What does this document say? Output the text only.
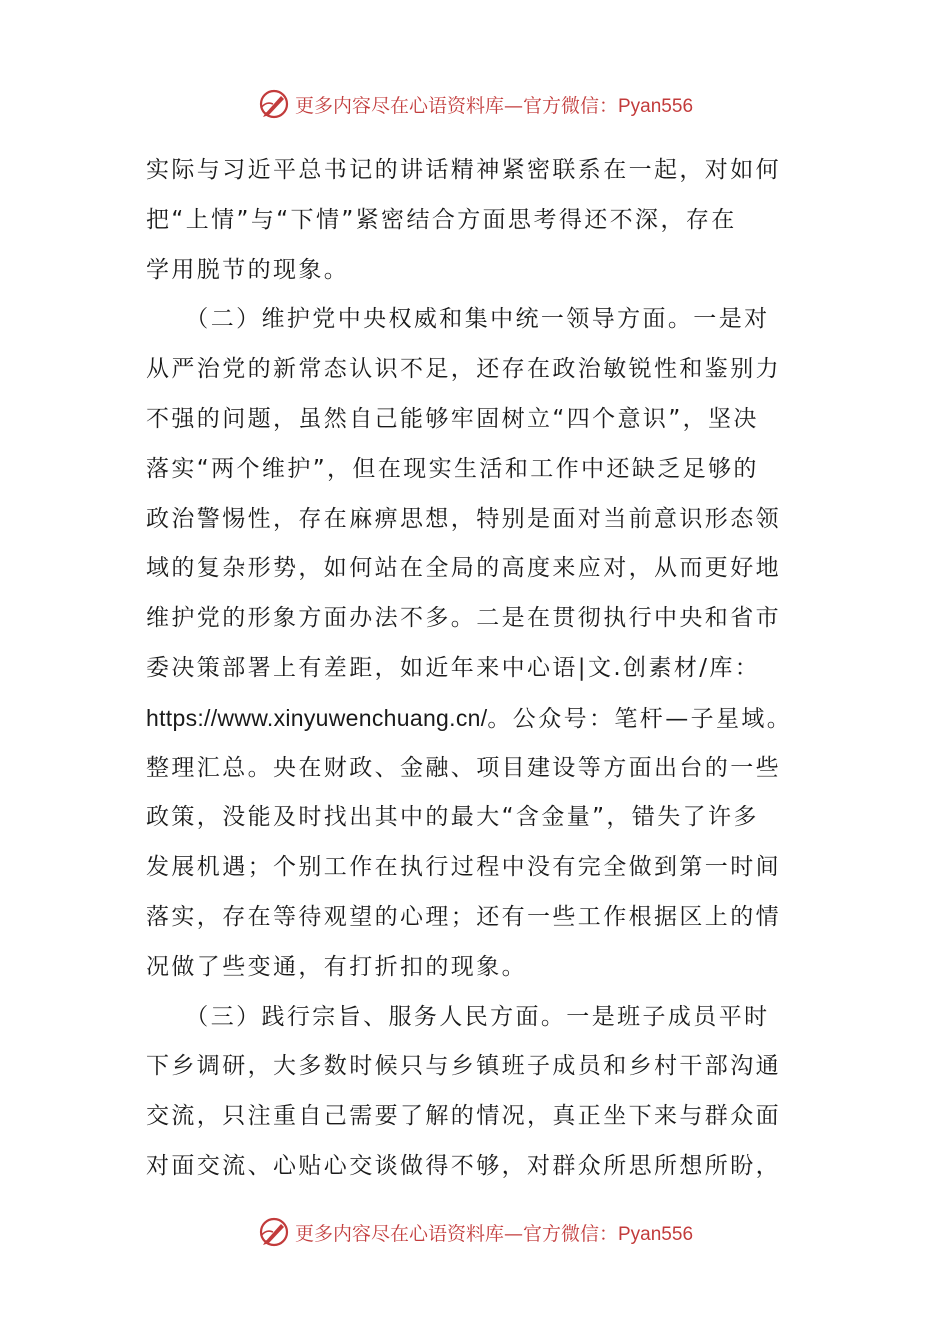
更多内容尽在心语资料库—官方微信：Pyan556
实际与习近平总书记的讲话精神紧密联系在一起，对如何
把“上情”与“下情”紧密结合方面思考得还不深，存在
学用脱节的现象。
　　（二）维护党中央权威和集中统一领导方面。一是对
从严治党的新常态认识不足，还存在政治敏锐性和鉴别力
不强的问题，虽然自己能够牢固树立“四个意识”，坚决
落实“两个维护”，但在现实生活和工作中还缺乏足够的
政治警惕性，存在麻痹思想，特别是面对当前意识形态领
域的复杂形势，如何站在全局的高度来应对，从而更好地
维护党的形象方面办法不多。二是在贯彻执行中央和省市
委决策部署上有差距，如近年来中心语|文.创素材/库：
https://www.xinyuwenchuang.cn/。公众号：笔杆—子星域。
整理汇总。央在财政、金融、项目建设等方面出台的一些
政策，没能及时找出其中的最大“含金量”，错失了许多
发展机遇；个别工作在执行过程中没有完全做到第一时间
落实，存在等待观望的心理；还有一些工作根据区上的情
况做了些变通，有打折扣的现象。
　　（三）践行宗旨、服务人民方面。一是班子成员平时
下乡调研，大多数时候只与乡镇班子成员和乡村干部沟通
交流，只注重自己需要了解的情况，真正坐下来与群众面
对面交流、心贴心交谈做得不够，对群众所思所想所盼，
更多内容尽在心语资料库—官方微信：Pyan556
